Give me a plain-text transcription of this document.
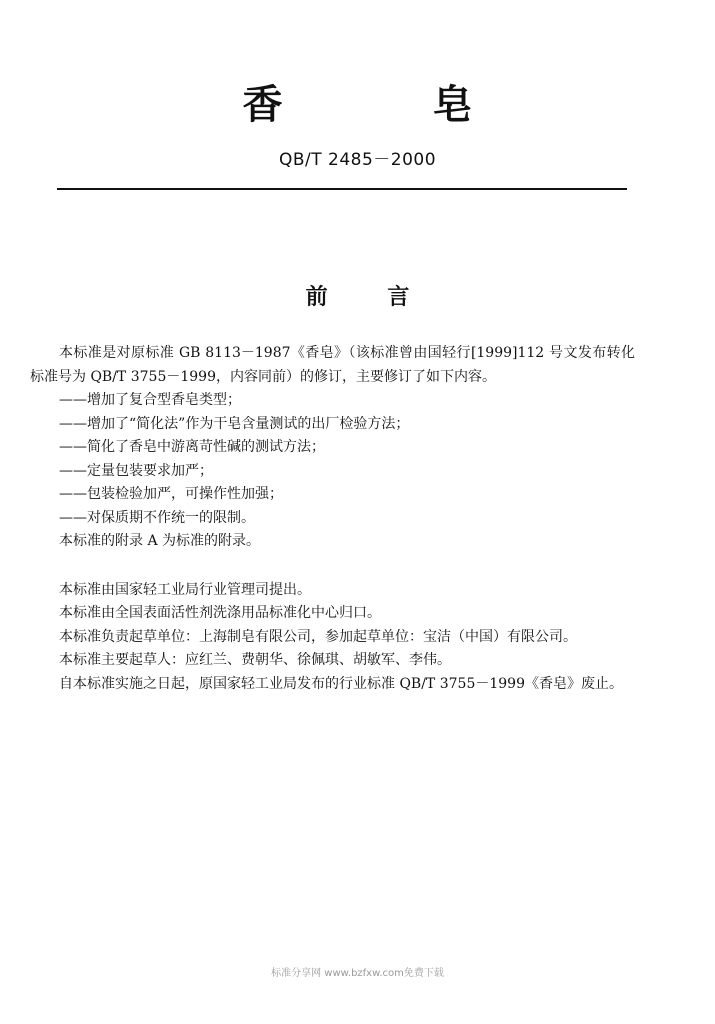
香 皂
QB/T 2485－2000
前 言

本标准是对原标准 GB 8113－1987《香皂》（该标准曾由国轻行[1999]112 号文发布转化标准号为 QB/T 3755－1999，内容同前）的修订，主要修订了如下内容。

——增加了复合型香皂类型；

——增加了“简化法”作为干皂含量测试的出厂检验方法；

——简化了香皂中游离苛性碱的测试方法；

——定量包装要求加严；

——包装检验加严，可操作性加强；

——对保质期不作统一的限制。

本标准的附录 A 为标准的附录。

本标准由国家轻工业局行业管理司提出。

本标准由全国表面活性剂洗涤用品标准化中心归口。

本标准负责起草单位：上海制皂有限公司，参加起草单位：宝洁（中国）有限公司。

本标准主要起草人：应红兰、费朝华、徐佩琪、胡敏军、李伟。

自本标准实施之日起，原国家轻工业局发布的行业标准 QB/T 3755－1999《香皂》废止。

标准分享网 www.bzfxw.com免费下载
